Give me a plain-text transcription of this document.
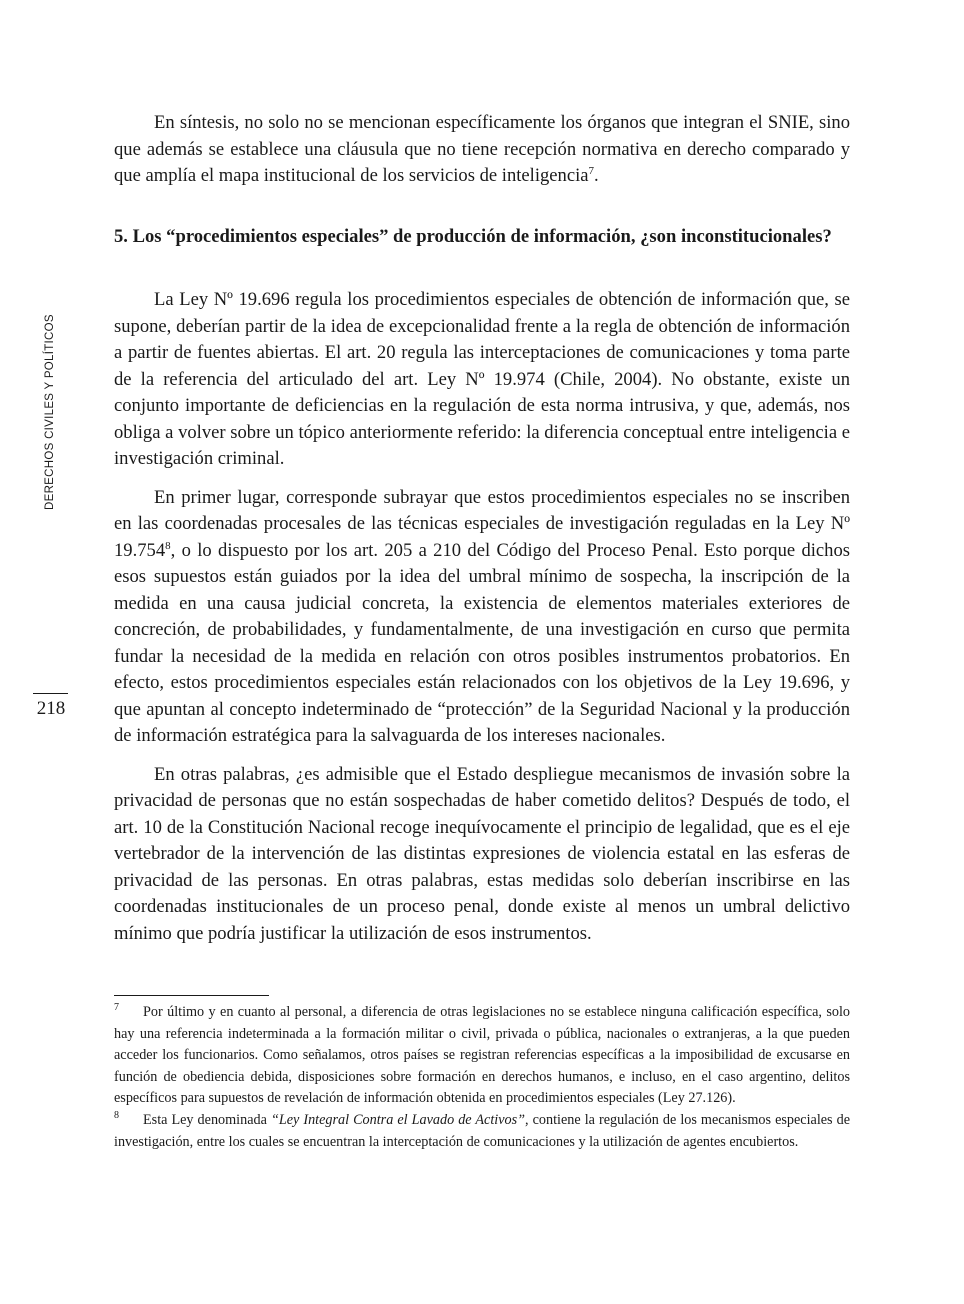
DERECHOS CIVILES Y POLÍTICOS
218

En síntesis, no solo no se mencionan específicamente los órganos que integran el SNIE, sino que además se establece una cláusula que no tiene recepción normativa en derecho comparado y que amplía el mapa institucional de los servicios de inteligencia$^7$.

5. Los “procedimientos especiales” de producción de información, ¿son inconstitucionales?

La Ley Nº 19.696 regula los procedimientos especiales de obtención de información que, se supone, deberían partir de la idea de excepcionalidad frente a la regla de obtención de información a partir de fuentes abiertas. El art. 20 regula las interceptaciones de comunicaciones y toma parte de la referencia del articulado del art. Ley Nº 19.974 (Chile, 2004). No obstante, existe un conjunto importante de deficiencias en la regulación de esta norma intrusiva, y que, además, nos obliga a volver sobre un tópico anteriormente referido: la diferencia conceptual entre inteligencia e investigación criminal.

En primer lugar, corresponde subrayar que estos procedimientos especiales no se inscriben en las coordenadas procesales de las técnicas especiales de investigación reguladas en la Ley Nº 19.754$^8$, o lo dispuesto por los art. 205 a 210 del Código del Proceso Penal. Esto porque dichos esos supuestos están guiados por la idea del umbral mínimo de sospecha, la inscripción de la medida en una causa judicial concreta, la existencia de elementos materiales exteriores de concreción, de probabilidades, y fundamentalmente, de una investigación en curso que permita fundar la necesidad de la medida en relación con otros posibles instrumentos probatorios. En efecto, estos procedimientos especiales están relacionados con los objetivos de la Ley 19.696, y que apuntan al concepto indeterminado de “protección” de la Seguridad Nacional y la producción de información estratégica para la salvaguarda de los intereses nacionales.

En otras palabras, ¿es admisible que el Estado despliegue mecanismos de invasión sobre la privacidad de personas que no están sospechadas de haber cometido delitos? Después de todo, el art. 10 de la Constitución Nacional recoge inequívocamente el principio de legalidad, que es el eje vertebrador de la intervención de las distintas expresiones de violencia estatal en las esferas de privacidad de las personas. En otras palabras, estas medidas solo deberían inscribirse en las coordenadas institucionales de un proceso penal, donde existe al menos un umbral delictivo mínimo que podría justificar la utilización de esos instrumentos.

7 Por último y en cuanto al personal, a diferencia de otras legislaciones no se establece ninguna calificación específica, solo hay una referencia indeterminada a la formación militar o civil, privada o pública, nacionales o extranjeras, a la que pueden acceder los funcionarios. Como señalamos, otros países se registran referencias específicas a la imposibilidad de excusarse en función de obediencia debida, disposiciones sobre formación en derechos humanos, e incluso, en el caso argentino, delitos específicos para supuestos de revelación de información obtenida en procedimientos especiales (Ley 27.126).

8 Esta Ley denominada “Ley Integral Contra el Lavado de Activos”, contiene la regulación de los mecanismos especiales de investigación, entre los cuales se encuentran la interceptación de comunicaciones y la utilización de agentes encubiertos.
